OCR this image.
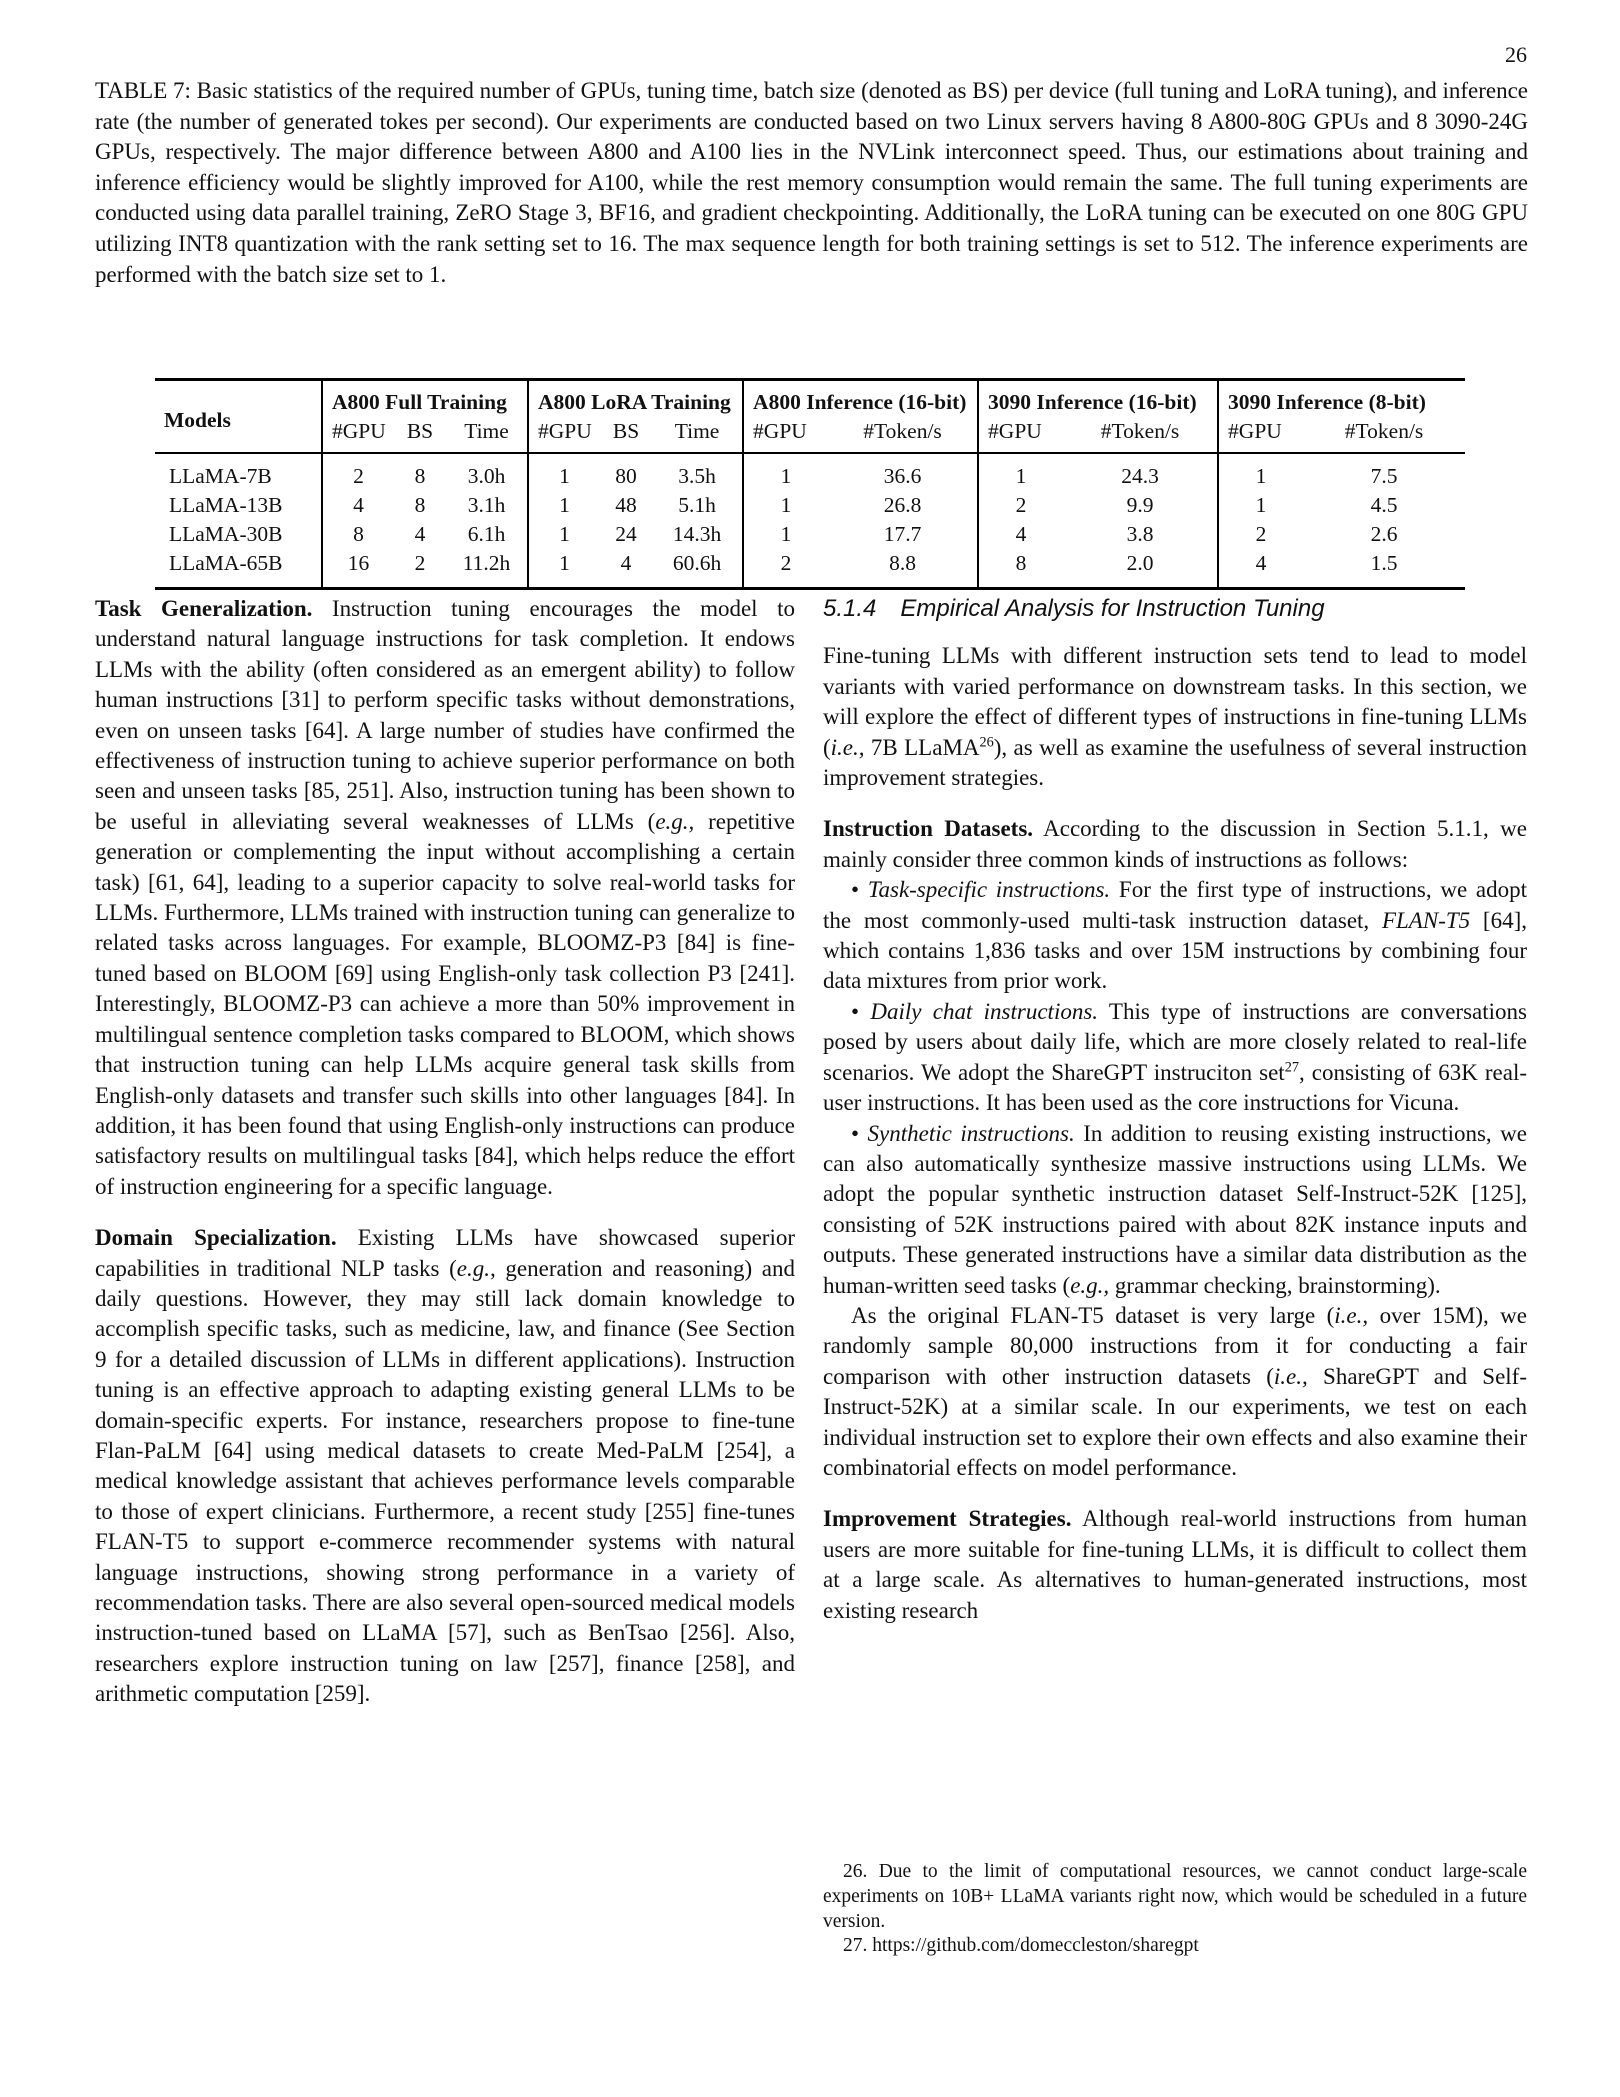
26
TABLE 7: Basic statistics of the required number of GPUs, tuning time, batch size (denoted as BS) per device (full tuning and LoRA tuning), and inference rate (the number of generated tokes per second). Our experiments are conducted based on two Linux servers having 8 A800-80G GPUs and 8 3090-24G GPUs, respectively. The major difference between A800 and A100 lies in the NVLink interconnect speed. Thus, our estimations about training and inference efficiency would be slightly improved for A100, while the rest memory consumption would remain the same. The full tuning experiments are conducted using data parallel training, ZeRO Stage 3, BF16, and gradient checkpointing. Additionally, the LoRA tuning can be executed on one 80G GPU utilizing INT8 quantization with the rank setting set to 16. The max sequence length for both training settings is set to 512. The inference experiments are performed with the batch size set to 1.
Models	A800 Full Training			A800 LoRA Training			A800 Inference (16-bit)		3090 Inference (16-bit)		3090 Inference (8-bit)	
	#GPU	BS	Time	#GPU	BS	Time	#GPU	#Token/s	#GPU	#Token/s	#GPU	#Token/s
LLaMA-7B	2	8	3.0h	1	80	3.5h	1	36.6	1	24.3	1	7.5
LLaMA-13B	4	8	3.1h	1	48	5.1h	1	26.8	2	9.9	1	4.5
LLaMA-30B	8	4	6.1h	1	24	14.3h	1	17.7	4	3.8	2	2.6
LLaMA-65B	16	2	11.2h	1	4	60.6h	2	8.8	8	2.0	4	1.5

Task Generalization. Instruction tuning encourages the model to understand natural language instructions for task completion. It endows LLMs with the ability (often considered as an emergent ability) to follow human instructions [31] to perform specific tasks without demonstrations, even on unseen tasks [64]. A large number of studies have confirmed the effectiveness of instruction tuning to achieve superior performance on both seen and unseen tasks [85, 251]. Also, instruction tuning has been shown to be useful in alleviating several weaknesses of LLMs (e.g., repetitive generation or complementing the input without accomplishing a certain task) [61, 64], leading to a superior capacity to solve real-world tasks for LLMs. Furthermore, LLMs trained with instruction tuning can generalize to related tasks across languages. For example, BLOOMZ-P3 [84] is fine-tuned based on BLOOM [69] using English-only task collection P3 [241]. Interestingly, BLOOMZ-P3 can achieve a more than 50% improvement in multilingual sentence completion tasks compared to BLOOM, which shows that instruction tuning can help LLMs acquire general task skills from English-only datasets and transfer such skills into other languages [84]. In addition, it has been found that using English-only instructions can produce satisfactory results on multilingual tasks [84], which helps reduce the effort of instruction engineering for a specific language.

Domain Specialization. Existing LLMs have showcased superior capabilities in traditional NLP tasks (e.g., generation and reasoning) and daily questions. However, they may still lack domain knowledge to accomplish specific tasks, such as medicine, law, and finance (See Section 9 for a detailed discussion of LLMs in different applications). Instruction tuning is an effective approach to adapting existing general LLMs to be domain-specific experts. For instance, researchers propose to fine-tune Flan-PaLM [64] using medical datasets to create Med-PaLM [254], a medical knowledge assistant that achieves performance levels comparable to those of expert clinicians. Furthermore, a recent study [255] fine-tunes FLAN-T5 to support e-commerce recommender systems with natural language instructions, showing strong performance in a variety of recommendation tasks. There are also several open-sourced medical models instruction-tuned based on LLaMA [57], such as BenTsao [256]. Also, researchers explore instruction tuning on law [257], finance [258], and arithmetic computation [259].

5.1.4 Empirical Analysis for Instruction Tuning

Fine-tuning LLMs with different instruction sets tend to lead to model variants with varied performance on downstream tasks. In this section, we will explore the effect of different types of instructions in fine-tuning LLMs (i.e., 7B LLaMA$^{26}$), as well as examine the usefulness of several instruction improvement strategies.

Instruction Datasets. According to the discussion in Section 5.1.1, we mainly consider three common kinds of instructions as follows:

• Task-specific instructions. For the first type of instructions, we adopt the most commonly-used multi-task instruction dataset, FLAN-T5 [64], which contains 1,836 tasks and over 15M instructions by combining four data mixtures from prior work.

• Daily chat instructions. This type of instructions are conversations posed by users about daily life, which are more closely related to real-life scenarios. We adopt the ShareGPT instruciton set$^{27}$, consisting of 63K real-user instructions. It has been used as the core instructions for Vicuna.

• Synthetic instructions. In addition to reusing existing instructions, we can also automatically synthesize massive instructions using LLMs. We adopt the popular synthetic instruction dataset Self-Instruct-52K [125], consisting of 52K instructions paired with about 82K instance inputs and outputs. These generated instructions have a similar data distribution as the human-written seed tasks (e.g., grammar checking, brainstorming).

As the original FLAN-T5 dataset is very large (i.e., over 15M), we randomly sample 80,000 instructions from it for conducting a fair comparison with other instruction datasets (i.e., ShareGPT and Self-Instruct-52K) at a similar scale. In our experiments, we test on each individual instruction set to explore their own effects and also examine their combinatorial effects on model performance.

Improvement Strategies. Although real-world instructions from human users are more suitable for fine-tuning LLMs, it is difficult to collect them at a large scale. As alternatives to human-generated instructions, most existing research

26. Due to the limit of computational resources, we cannot conduct large-scale experiments on 10B+ LLaMA variants right now, which would be scheduled in a future version.

27. https://github.com/domeccleston/sharegpt
